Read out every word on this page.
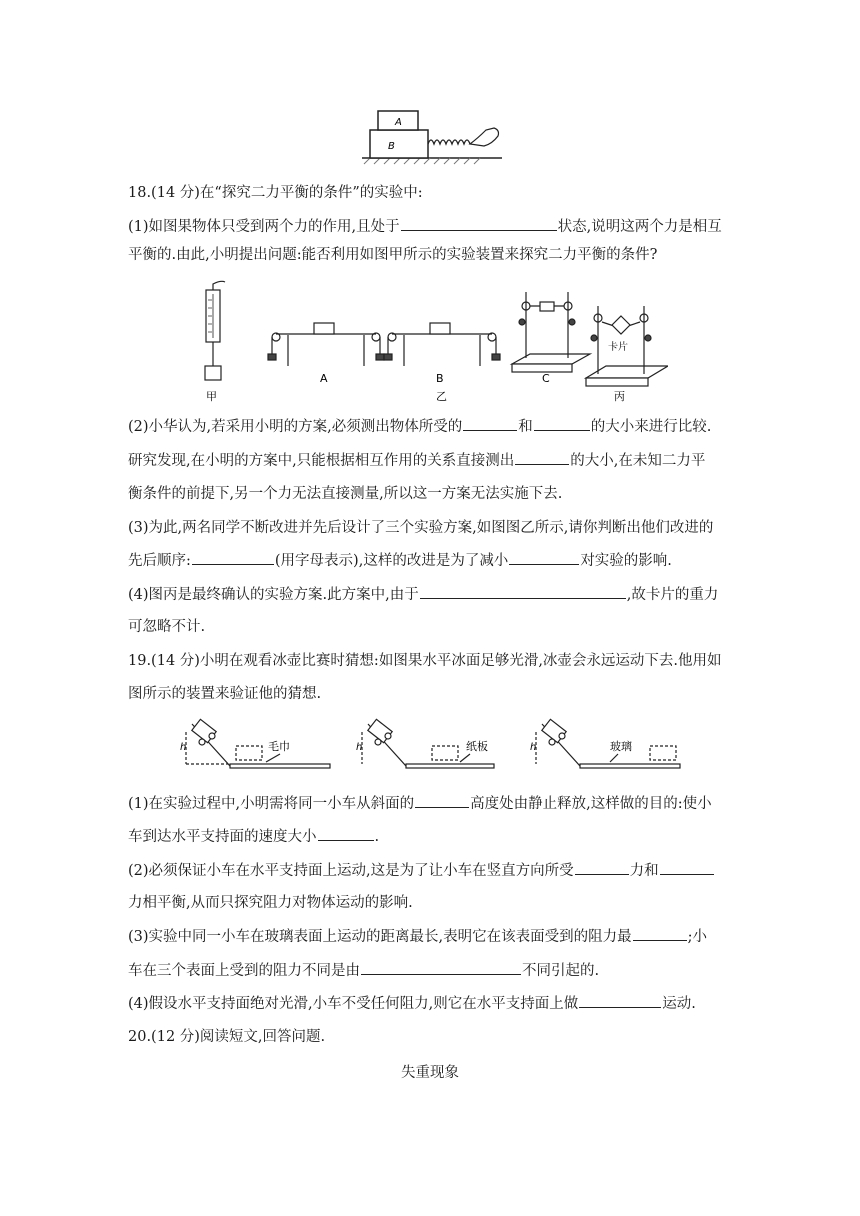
A
B
18.(14 分)在“探究二力平衡的条件”的实验中:
(1)如图果物体只受到两个力的作用,且处于	状态,说明这两个力是相互
平衡的.由此,小明提出问题:能否利用如图甲所示的实验装置来探究二力平衡的条件?
甲
A	B
乙
C
卡片
丙
(2)小华认为,若采用小明的方案,必须测出物体所受的	和	的大小来进行比较.
研究发现,在小明的方案中,只能根据相互作用的关系直接测出	的大小,在未知二力平
衡条件的前提下,另一个力无法直接测量,所以这一方案无法实施下去.
(3)为此,两名同学不断改进并先后设计了三个实验方案,如图图乙所示,请你判断出他们改进的
先后顺序:	(用字母表示),这样的改进是为了减小	对实验的影响.
(4)图丙是最终确认的实验方案.此方案中,由于	,故卡片的重力
可忽略不计.
19.(14 分)小明在观看冰壶比赛时猜想:如图果水平冰面足够光滑,冰壶会永远运动下去.他用如
图所示的装置来验证他的猜想.
h	毛巾	h	纸板	h	玻璃
(1)在实验过程中,小明需将同一小车从斜面的	高度处由静止释放,这样做的目的:使小
车到达水平支持面的速度大小	.
(2)必须保证小车在水平支持面上运动,这是为了让小车在竖直方向所受	力和
力相平衡,从而只探究阻力对物体运动的影响.
(3)实验中同一小车在玻璃表面上运动的距离最长,表明它在该表面受到的阻力最	;小
车在三个表面上受到的阻力不同是由	不同引起的.
(4)假设水平支持面绝对光滑,小车不受任何阻力,则它在水平支持面上做	运动.
20.(12 分)阅读短文,回答问题.
失重现象
